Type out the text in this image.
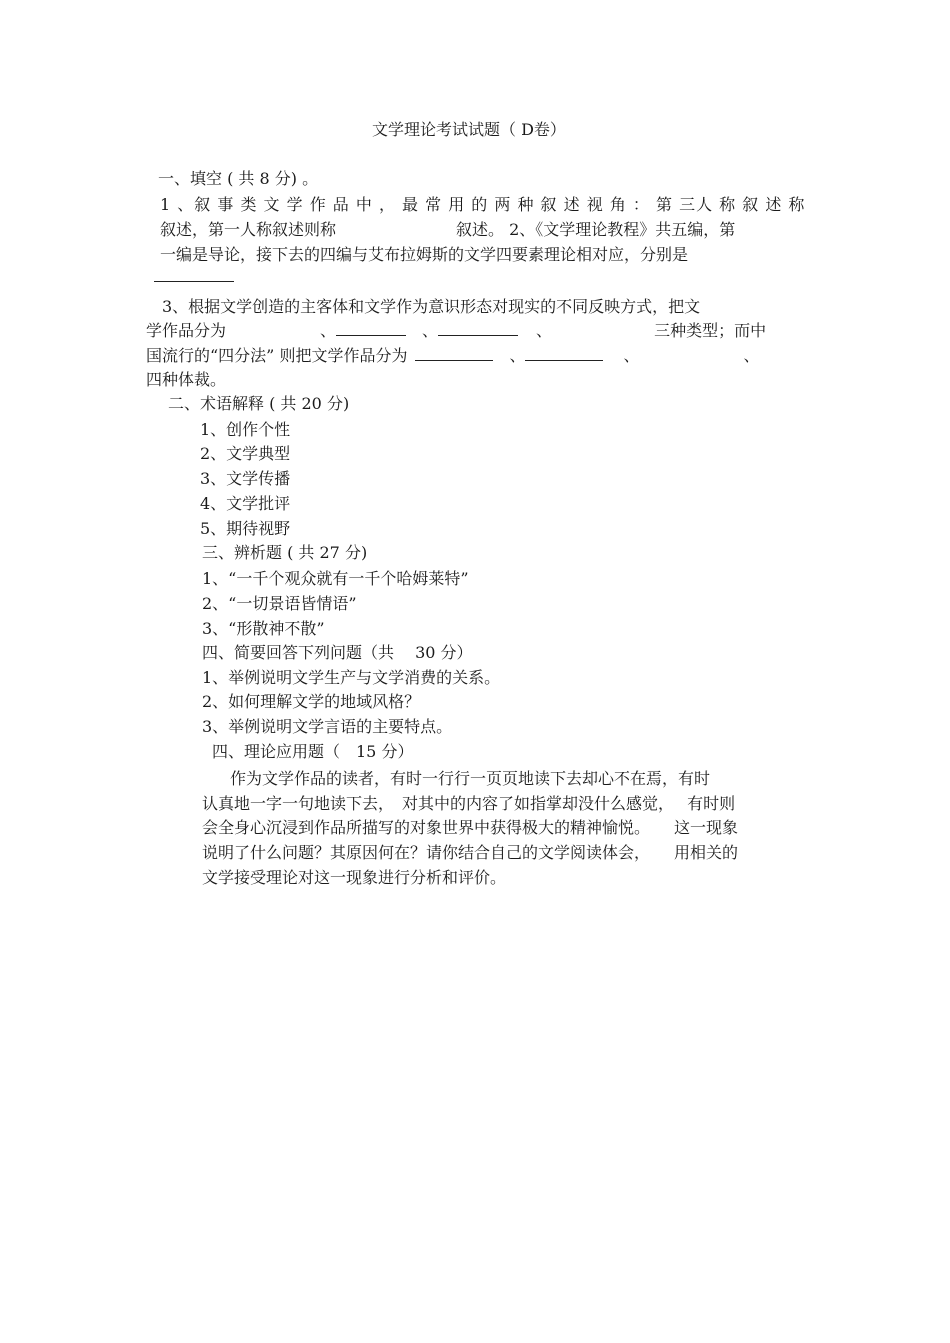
文学理论考试试题（ D卷）
一、填空 ( 共 8 分) 。
1 、叙 事 类 文 学 作 品 中 ， 最 常 用 的 两 种 叙 述 视 角 ： 第 三人 称 叙 述 称
叙述，第一人称叙述则称	叙述。 2、《文学理论教程》共五编，第
一编是导论，接下去的四编与艾布拉姆斯的文学四要素理论相对应，分别是
3、根据文学创造的主客体和文学作为意识形态对现实的不同反映方式，把文
学作品分为	、	、	、	三种类型；而中
国流行的“四分法” 则把文学作品分为	、	、	、
四种体裁。
二、术语解释 ( 共 20 分)
1、创作个性
2、文学典型
3、文学传播
4、文学批评
5、期待视野
三、辨析题 ( 共 27 分)
1、“一千个观众就有一千个哈姆莱特”
2、“一切景语皆情语”
3、“形散神不散”
四、简要回答下列问题（共　 30 分）
1、举例说明文学生产与文学消费的关系。
2、如何理解文学的地域风格？
3、举例说明文学言语的主要特点。
四、理论应用题（　15 分）
作为文学作品的读者，有时一行行一页页地读下去却心不在焉，有时
认真地一字一句地读下去，　对其中的内容了如指掌却没什么感觉，　 有时则
会全身心沉浸到作品所描写的对象世界中获得极大的精神愉悦。　　这一现象
说明了什么问题？其原因何在？请你结合自己的文学阅读体会，　　用相关的
文学接受理论对这一现象进行分析和评价。
